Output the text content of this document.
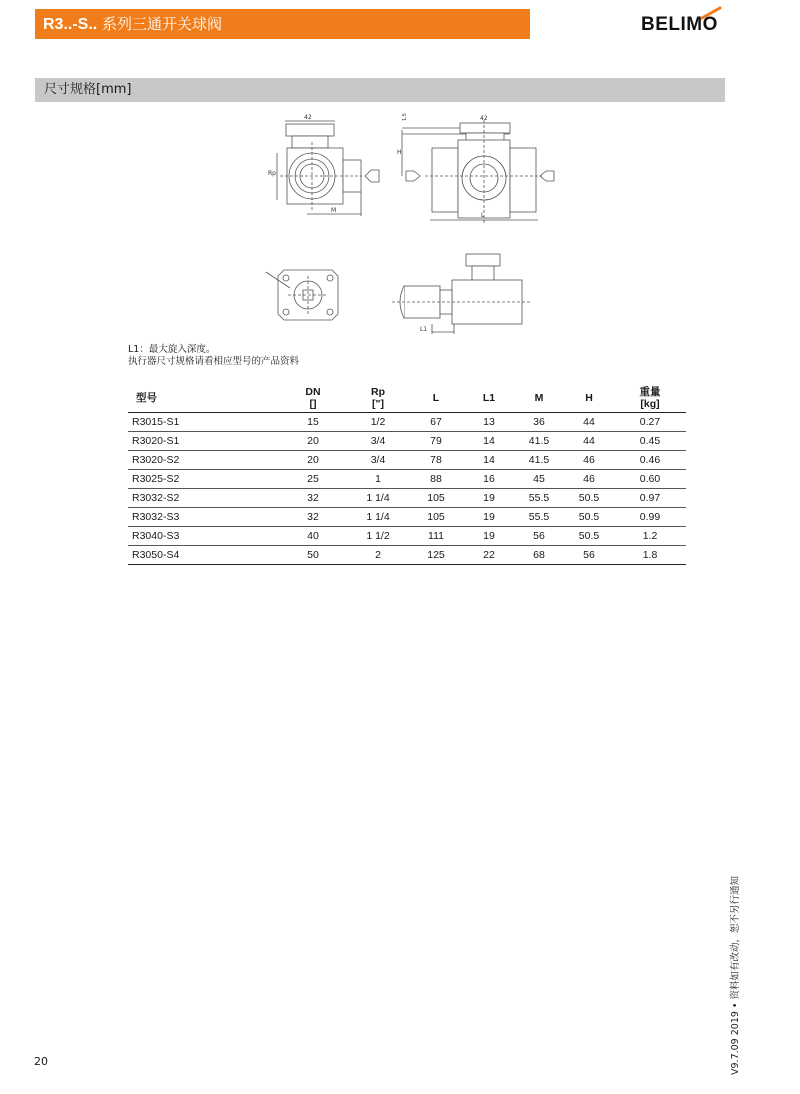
R3..-S.. 系列三通开关球阀	BELIMO
尺寸规格[mm]
42
Rp
M
1.5	42
H
L
L1
L1：最大旋入深度。
执行器尺寸规格请看相应型号的产品资料
型号	DN
[]	Rp
["]	L	L1	M	H	重量
[kg]
R3015-S1	15	1/2	67	13	36	44	0.27
R3020-S1	20	3/4	79	14	41.5	44	0.45
R3020-S2	20	3/4	78	14	41.5	46	0.46
R3025-S2	25	1	88	16	45	46	0.60
R3032-S2	32	1 1/4	105	19	55.5	50.5	0.97
R3032-S3	32	1 1/4	105	19	55.5	50.5	0.99
R3040-S3	40	1 1/2	111	19	56	50.5	1.2
R3050-S4	50	2	125	22	68	56	1.8
V9.7.09 2019 • 资料如有改动，恕不另行通知
20
